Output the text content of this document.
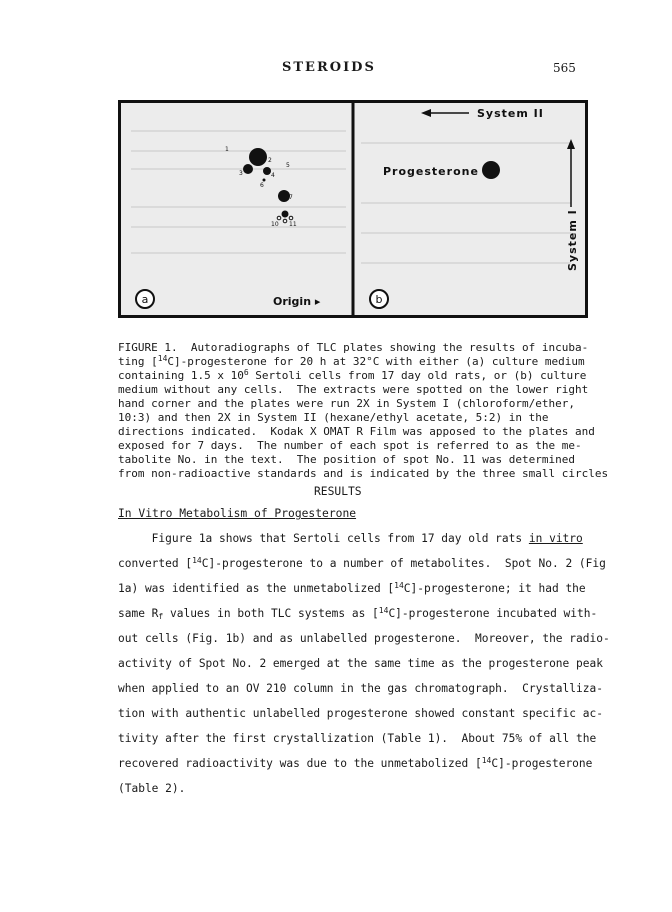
STEROIDS	565
1
2
3	4
5
6
7
10 11
a	Origin ▸
System II
Progesterone
System I
b
FIGURE 1.  Autoradiographs of TLC plates showing the results of incuba-
ting [$^{14}$C]-progesterone for 20 h at 32°C with either (a) culture medium
containing 1.5 x $10^6$ Sertoli cells from 17 day old rats, or (b) culture
medium without any cells.  The extracts were spotted on the lower right
hand corner and the plates were run 2X in System I (chloroform/ether,
10:3) and then 2X in System II (hexane/ethyl acetate, 5:2) in the
directions indicated.  Kodak X OMAT R Film was apposed to the plates and
exposed for 7 days.  The number of each spot is referred to as the me-
tabolite No. in the text.  The position of spot No. 11 was determined
from non-radioactive standards and is indicated by the three small circles
RESULTS
In Vitro Metabolism of Progesterone
Figure 1a shows that Sertoli cells from 17 day old rats in vitro
converted [$^{14}$C]-progesterone to a number of metabolites.  Spot No. 2 (Fig
1a) was identified as the unmetabolized [$^{14}$C]-progesterone; it had the
same $R_f$ values in both TLC systems as [$^{14}$C]-progesterone incubated with-
out cells (Fig. 1b) and as unlabelled progesterone.  Moreover, the radio-
activity of Spot No. 2 emerged at the same time as the progesterone peak
when applied to an OV 210 column in the gas chromatograph.  Crystalliza-
tion with authentic unlabelled progesterone showed constant specific ac-
tivity after the first crystallization (Table 1).  About 75% of all the
recovered radioactivity was due to the unmetabolized [$^{14}$C]-progesterone
(Table 2).
